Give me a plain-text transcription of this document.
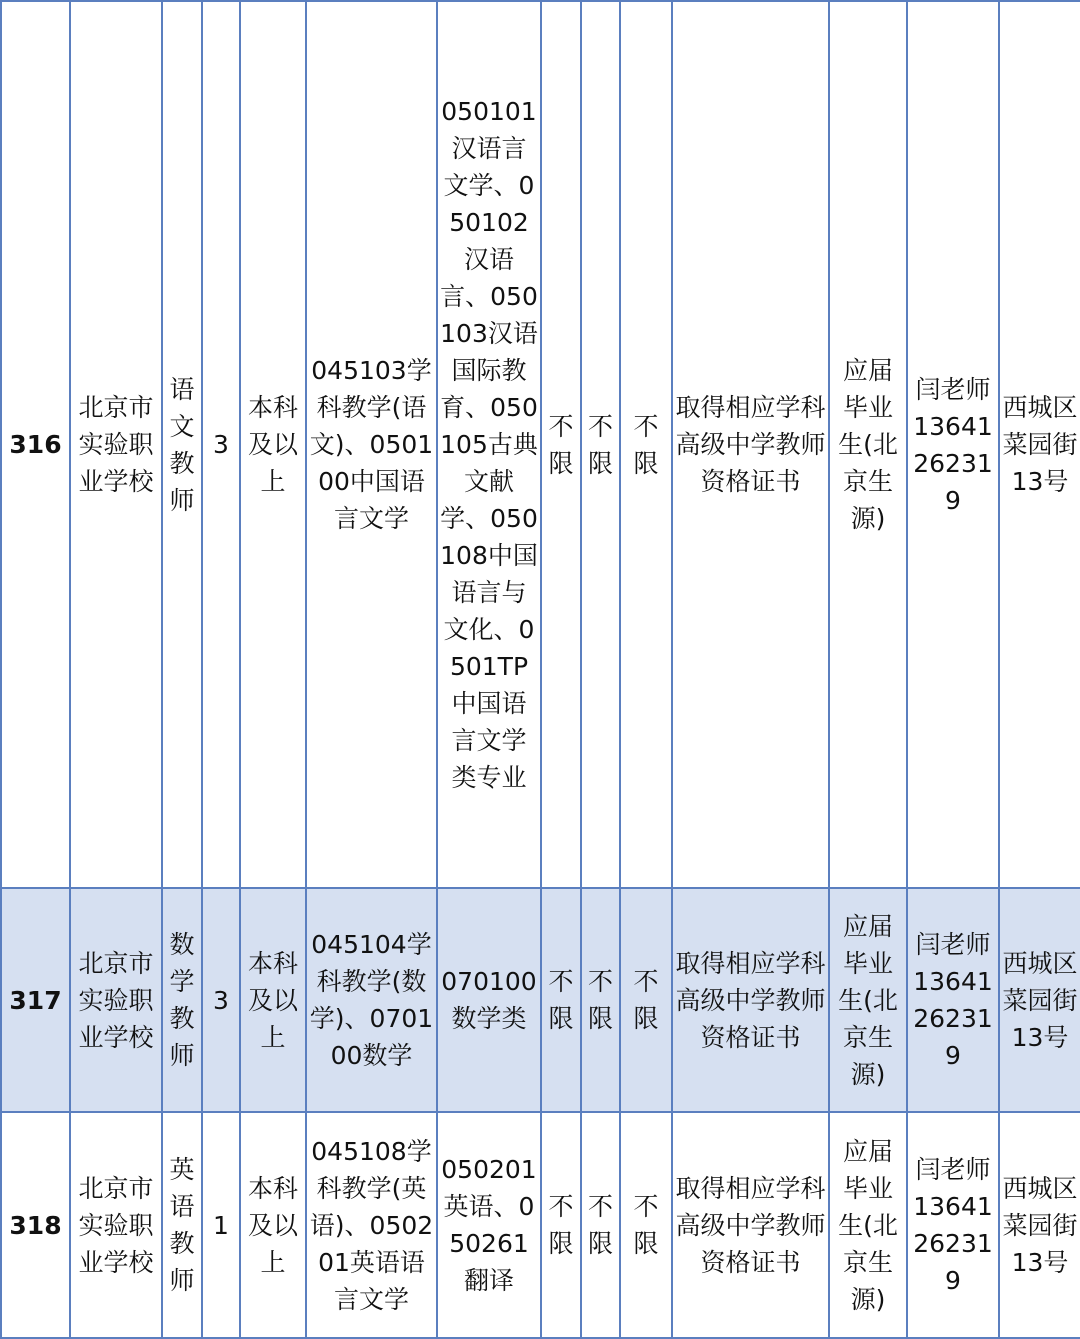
316	北京市实验职业学校	语文教师	3	本科及以上	045103学科教学(语文)、050100中国语言文学	050101汉语言文学、050102汉语言、050103汉语国际教育、050105古典文献学、050108中国语言与文化、0501TP中国语言文学类专业	不限	不限	不限	取得相应学科高级中学教师资格证书	应届毕业生(北京生源)	闫老师13641262319	西城区菜园街13号
317	北京市实验职业学校	数学教师	3	本科及以上	045104学科教学(数学)、070100数学	070100数学类	不限	不限	不限	取得相应学科高级中学教师资格证书	应届毕业生(北京生源)	闫老师13641262319	西城区菜园街13号
318	北京市实验职业学校	英语教师	1	本科及以上	045108学科教学(英语)、050201英语语言文学	050201英语、050261翻译	不限	不限	不限	取得相应学科高级中学教师资格证书	应届毕业生(北京生源)	闫老师13641262319	西城区菜园街13号
